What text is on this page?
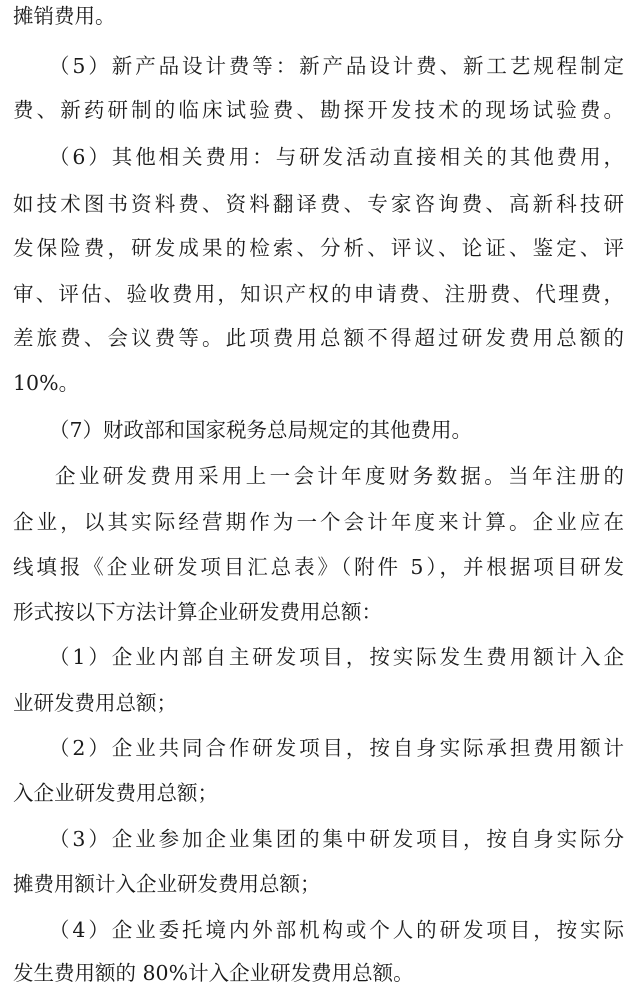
摊销费用。
（5）新产品设计费等：新产品设计费、新工艺规程制定
费、新药研制的临床试验费、勘探开发技术的现场试验费。
（6）其他相关费用：与研发活动直接相关的其他费用，
如技术图书资料费、资料翻译费、专家咨询费、高新科技研
发保险费，研发成果的检索、分析、评议、论证、鉴定、评
审、评估、验收费用，知识产权的申请费、注册费、代理费，
差旅费、会议费等。此项费用总额不得超过研发费用总额的
10%。
（7）财政部和国家税务总局规定的其他费用。
企业研发费用采用上一会计年度财务数据。当年注册的
企业，以其实际经营期作为一个会计年度来计算。企业应在
线填报《企业研发项目汇总表》（附件 5），并根据项目研发
形式按以下方法计算企业研发费用总额：
（1）企业内部自主研发项目，按实际发生费用额计入企
业研发费用总额；
（2）企业共同合作研发项目，按自身实际承担费用额计
入企业研发费用总额；
（3）企业参加企业集团的集中研发项目，按自身实际分
摊费用额计入企业研发费用总额；
（4）企业委托境内外部机构或个人的研发项目，按实际
发生费用额的 80%计入企业研发费用总额。
